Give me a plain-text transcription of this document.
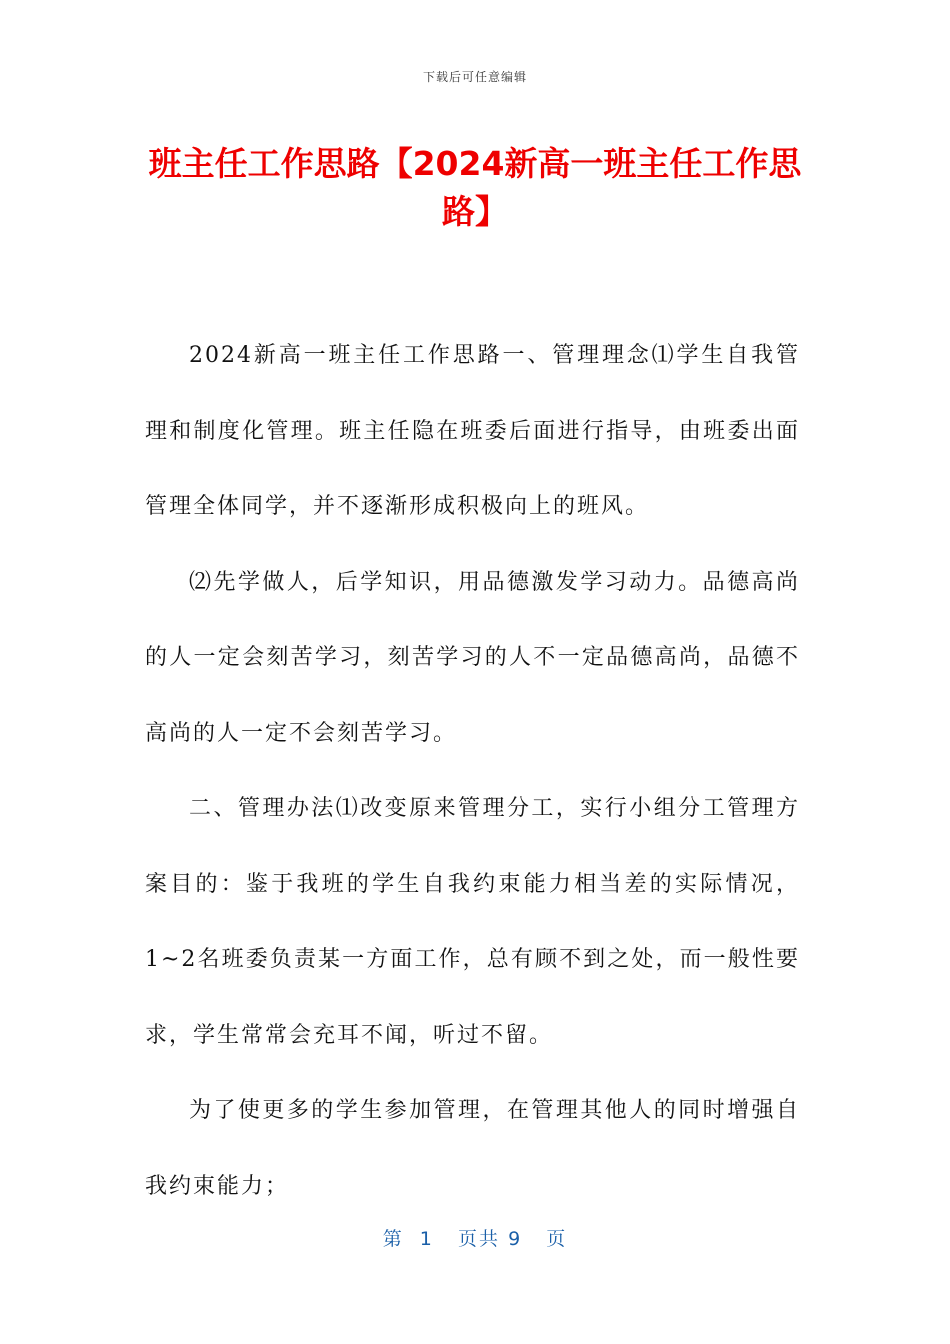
下载后可任意编辑
班主任工作思路【2024新高一班主任工作思路】

2024新高一班主任工作思路一、管理理念⑴学生自我管理和制度化管理。班主任隐在班委后面进行指导，由班委出面管理全体同学，并不逐渐形成积极向上的班风。

⑵先学做人，后学知识，用品德激发学习动力。品德高尚的人一定会刻苦学习，刻苦学习的人不一定品德高尚，品德不高尚的人一定不会刻苦学习。

二、管理办法⑴改变原来管理分工，实行小组分工管理方案目的：鉴于我班的学生自我约束能力相当差的实际情况，1~2名班委负责某一方面工作，总有顾不到之处，而一般性要求，学生常常会充耳不闻，听过不留。

为了使更多的学生参加管理，在管理其他人的同时增强自我约束能力；

第 1 页共 9 页
